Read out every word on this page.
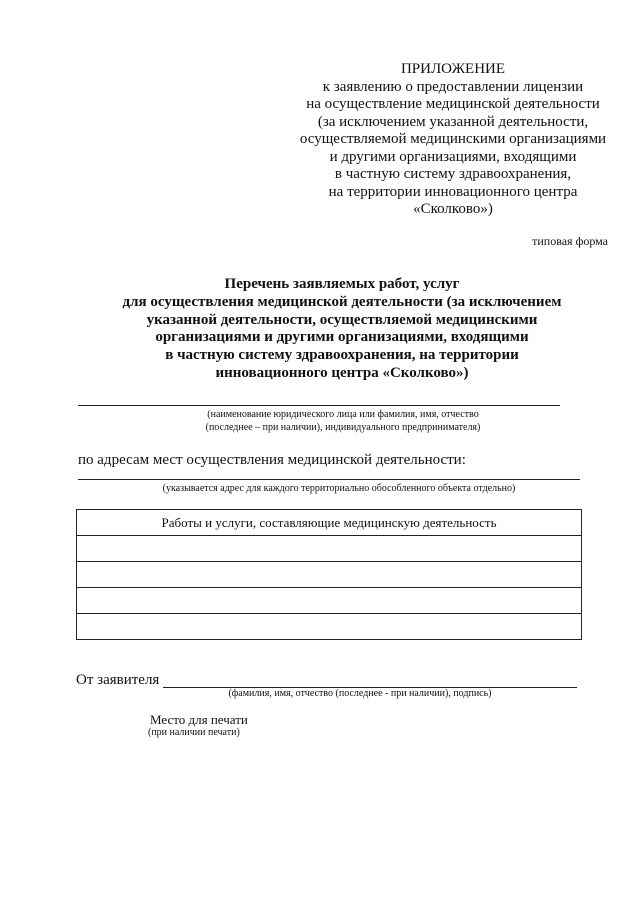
ПРИЛОЖЕНИЕ
к заявлению о предоставлении лицензии
на осуществление медицинской деятельности
(за исключением указанной деятельности,
осуществляемой медицинскими организациями
и другими организациями, входящими
в частную систему здравоохранения,
на территории инновационного центра
«Сколково»)
типовая форма
Перечень заявляемых работ, услуг
для осуществления медицинской деятельности (за исключением
указанной деятельности, осуществляемой медицинскими
организациями и другими организациями, входящими
в частную систему здравоохранения, на территории
инновационного центра «Сколково»)
(наименование юридического лица или фамилия, имя, отчество
(последнее – при наличии), индивидуального предпринимателя)
по адресам мест осуществления медицинской деятельности:
(указывается адрес для каждого территориально обособленного объекта отдельно)
Работы и услуги, составляющие медицинскую деятельность

От заявителя
(фамилия, имя, отчество (последнее - при наличии), подпись)
Место для печати
(при наличии печати)
